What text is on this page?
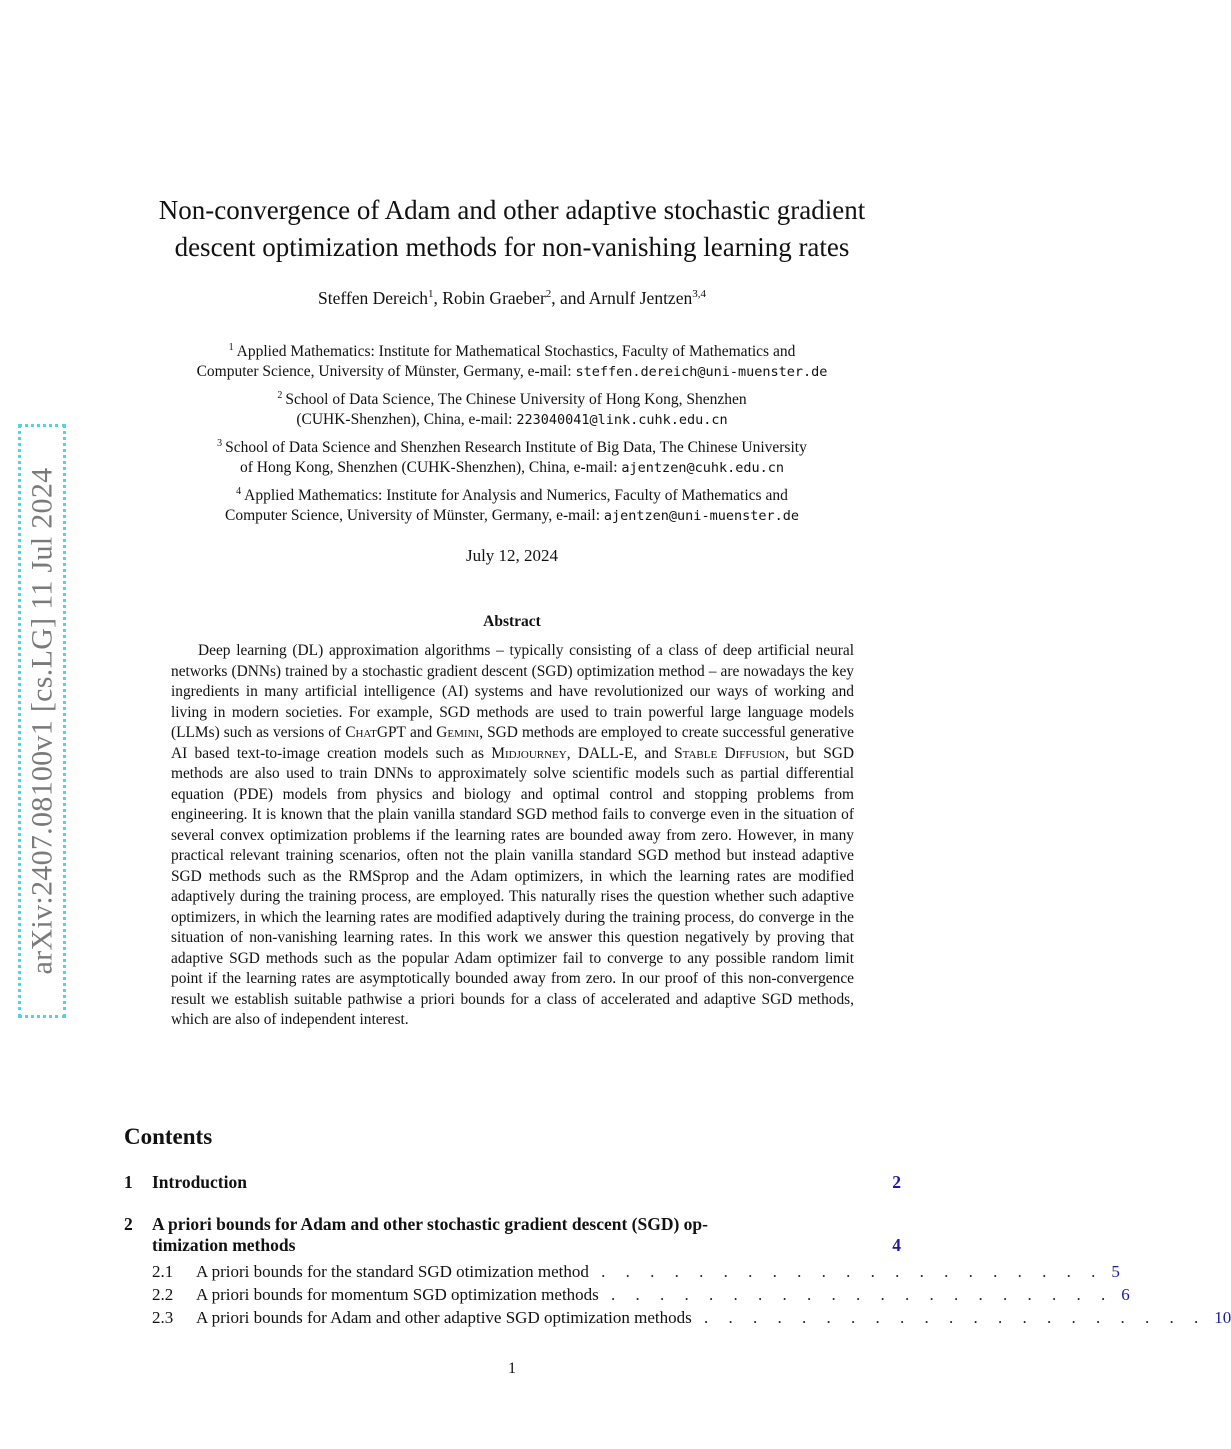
arXiv:2407.08100v1 [cs.LG] 11 Jul 2024
Non-convergence of Adam and other adaptive stochastic gradient
descent optimization methods for non-vanishing learning rates
Steffen Dereich$^1$, Robin Graeber$^2$, and Arnulf Jentzen$^{3,4}$
$^1$ Applied Mathematics: Institute for Mathematical Stochastics, Faculty of Mathematics and
Computer Science, University of Münster, Germany, e-mail: steffen.dereich@uni-muenster.de
$^2$ School of Data Science, The Chinese University of Hong Kong, Shenzhen
(CUHK-Shenzhen), China, e-mail: 223040041@link.cuhk.edu.cn
$^3$ School of Data Science and Shenzhen Research Institute of Big Data, The Chinese University
of Hong Kong, Shenzhen (CUHK-Shenzhen), China, e-mail: ajentzen@cuhk.edu.cn
$^4$ Applied Mathematics: Institute for Analysis and Numerics, Faculty of Mathematics and
Computer Science, University of Münster, Germany, e-mail: ajentzen@uni-muenster.de
July 12, 2024
Abstract

Deep learning (DL) approximation algorithms – typically consisting of a class of deep artificial neural networks (DNNs) trained by a stochastic gradient descent (SGD) optimization method – are nowadays the key ingredients in many artificial intelligence (AI) systems and have revolutionized our ways of working and living in modern societies. For example, SGD methods are used to train powerful large language models (LLMs) such as versions of ChatGPT and Gemini, SGD methods are employed to create successful generative AI based text-to-image creation models such as Midjourney, DALL-E, and Stable Diffusion, but SGD methods are also used to train DNNs to approximately solve scientific models such as partial differential equation (PDE) models from physics and biology and optimal control and stopping problems from engineering. It is known that the plain vanilla standard SGD method fails to converge even in the situation of several convex optimization problems if the learning rates are bounded away from zero. However, in many practical relevant training scenarios, often not the plain vanilla standard SGD method but instead adaptive SGD methods such as the RMSprop and the Adam optimizers, in which the learning rates are modified adaptively during the training process, are employed. This naturally rises the question whether such adaptive optimizers, in which the learning rates are modified adaptively during the training process, do converge in the situation of non-vanishing learning rates. In this work we answer this question negatively by proving that adaptive SGD methods such as the popular Adam optimizer fail to converge to any possible random limit point if the learning rates are asymptotically bounded away from zero. In our proof of this non-convergence result we establish suitable pathwise a priori bounds for a class of accelerated and adaptive SGD methods, which are also of independent interest.

Contents
1	Introduction	2
2	A priori bounds for Adam and other stochastic gradient descent (SGD) op-
timization methods	4
2.1	A priori bounds for the standard SGD otimization method . . . . . . . . . . . . . . . . . . . . . 5
2.2	A priori bounds for momentum SGD optimization methods . . . . . . . . . . . . . . . . . . . . . 6
2.3	A priori bounds for Adam and other adaptive SGD optimization methods . . . . . . . . . . . . . . . . . . . . . 10
1
